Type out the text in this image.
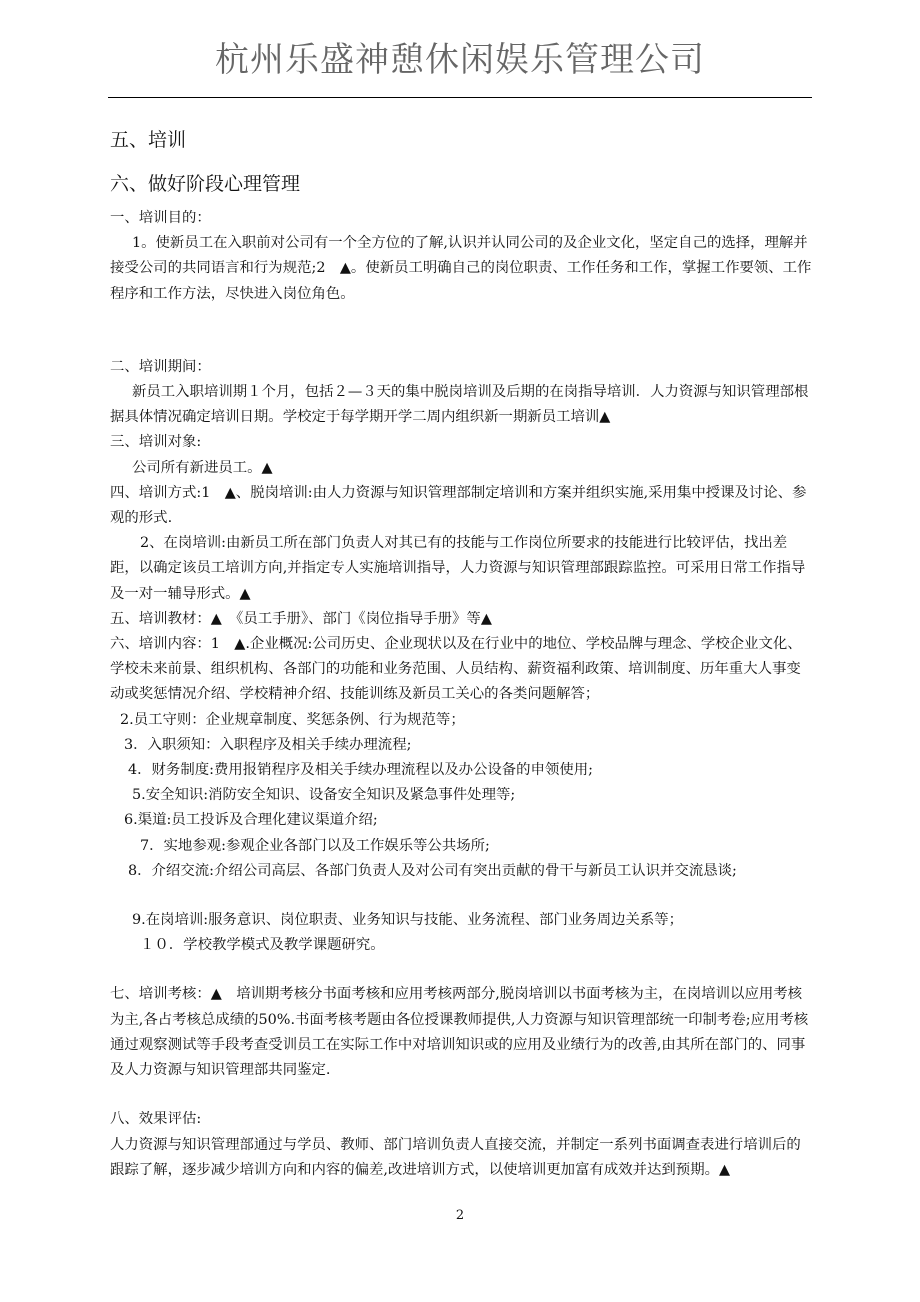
杭州乐盛神憩休闲娱乐管理公司

五、培训

六、做好阶段心理管理

一、培训目的：

1。使新员工在入职前对公司有一个全方位的了解,认识并认同公司的及企业文化，坚定自己的选择，理解并接受公司的共同语言和行为规范;2　▲。使新员工明确自己的岗位职责、工作任务和工作，掌握工作要领、工作程序和工作方法，尽快进入岗位角色。

二、培训期间：

新员工入职培训期１个月，包括２—３天的集中脱岗培训及后期的在岗指导培训．人力资源与知识管理部根据具体情况确定培训日期。学校定于每学期开学二周内组织新一期新员工培训▲

三、培训对象:

公司所有新进员工。▲

四、培训方式:1　▲、脱岗培训:由人力资源与知识管理部制定培训和方案并组织实施,采用集中授课及讨论、参观的形式.

2、在岗培训:由新员工所在部门负责人对其已有的技能与工作岗位所要求的技能进行比较评估，找出差距，以确定该员工培训方向,并指定专人实施培训指导，人力资源与知识管理部跟踪监控。可采用日常工作指导及一对一辅导形式。▲

五、培训教材：▲　《员工手册》、部门《岗位指导手册》等▲

六、培训内容：1　▲.企业概况:公司历史、企业现状以及在行业中的地位、学校品牌与理念、学校企业文化、学校未来前景、组织机构、各部门的功能和业务范围、人员结构、薪资福利政策、培训制度、历年重大人事变动或奖惩情况介绍、学校精神介绍、技能训练及新员工关心的各类问题解答；

2.员工守则：企业规章制度、奖惩条例、行为规范等；

3．入职须知：入职程序及相关手续办理流程;

4．财务制度:费用报销程序及相关手续办理流程以及办公设备的申领使用;

5.安全知识:消防安全知识、设备安全知识及紧急事件处理等;

6.渠道:员工投诉及合理化建议渠道介绍;

7．实地参观:参观企业各部门以及工作娱乐等公共场所;

8．介绍交流:介绍公司高层、各部门负责人及对公司有突出贡献的骨干与新员工认识并交流恳谈;

9.在岗培训:服务意识、岗位职责、业务知识与技能、业务流程、部门业务周边关系等；

１０．学校教学模式及教学课题研究。

七、培训考核：▲　培训期考核分书面考核和应用考核两部分,脱岗培训以书面考核为主，在岗培训以应用考核为主,各占考核总成绩的50%.书面考核考题由各位授课教师提供,人力资源与知识管理部统一印制考卷;应用考核通过观察测试等手段考查受训员工在实际工作中对培训知识或的应用及业绩行为的改善,由其所在部门的、同事及人力资源与知识管理部共同鉴定.

八、效果评估:

人力资源与知识管理部通过与学员、教师、部门培训负责人直接交流，并制定一系列书面调查表进行培训后的跟踪了解，逐步减少培训方向和内容的偏差,改进培训方式，以使培训更加富有成效并达到预期。▲

2
